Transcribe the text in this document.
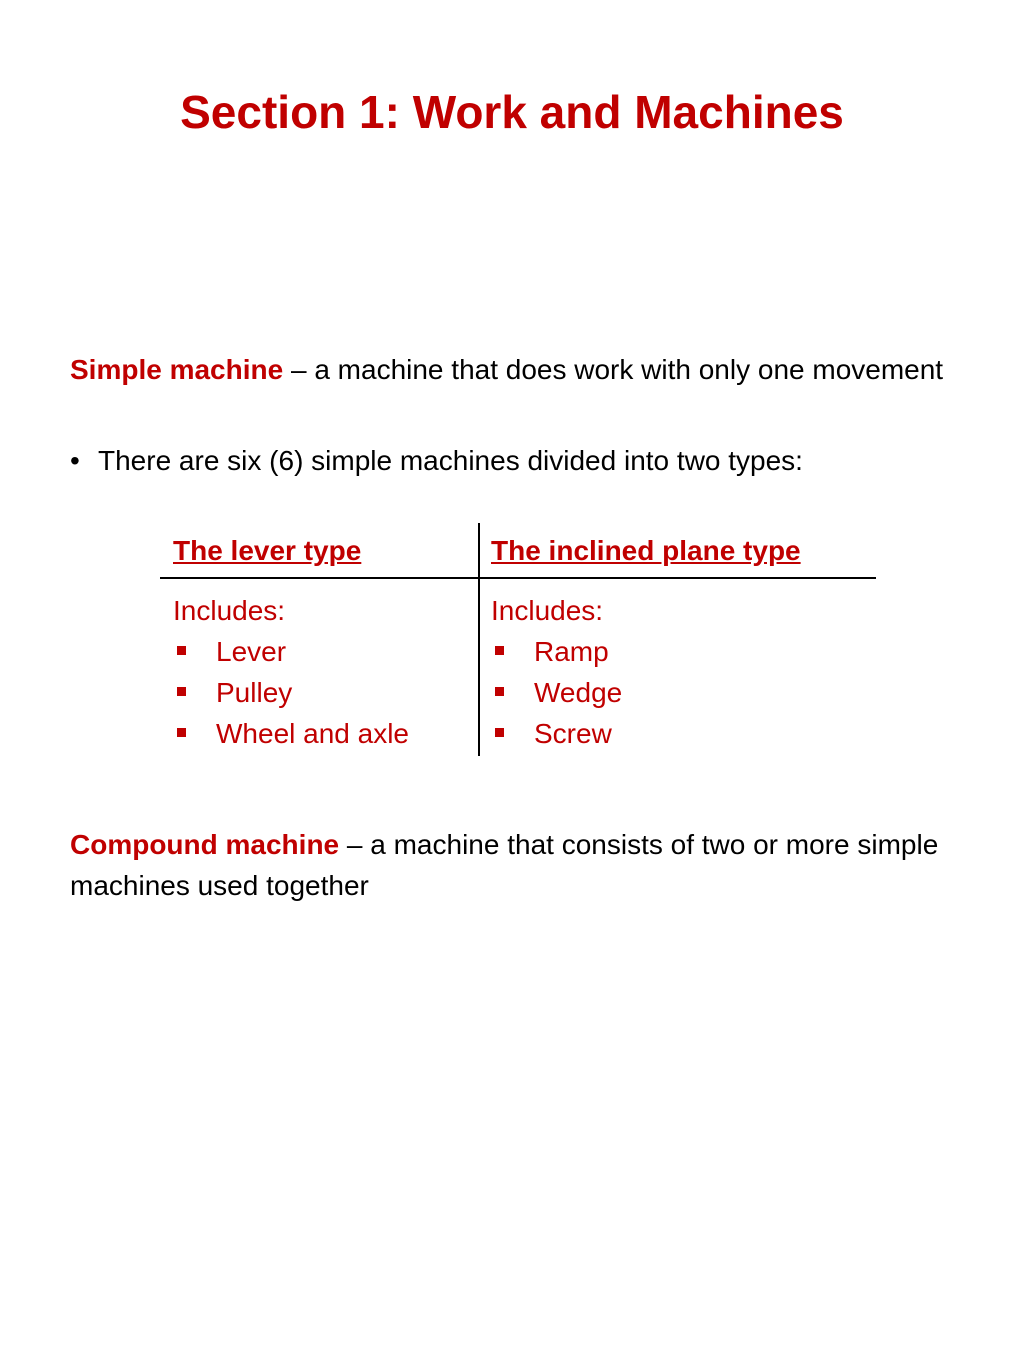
Section 1: Work and Machines

Simple machine – a machine that does work with only one movement

• There are six (6) simple machines divided into two types:

The lever type
Includes:
Lever
Pulley
Wheel and axle
The inclined plane type
Includes:
Ramp
Wedge
Screw

Compound machine – a machine that consists of two or more simple machines used together
